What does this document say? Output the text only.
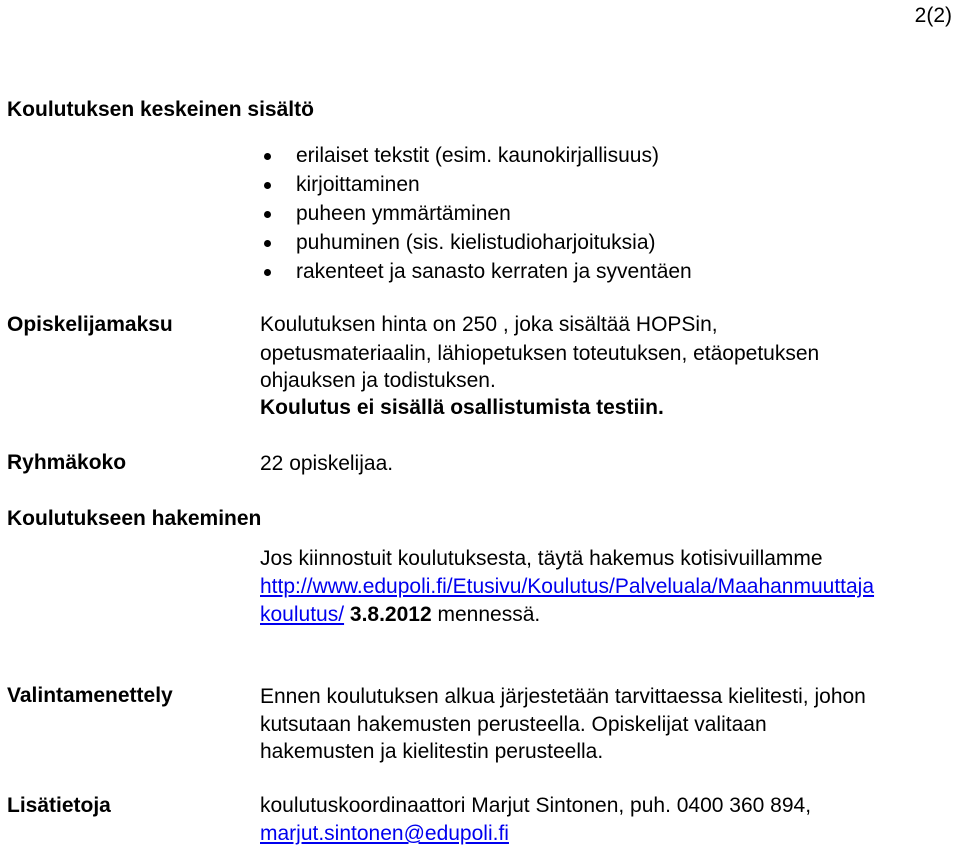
2(2)
Koulutuksen keskeinen sisältö
erilaiset tekstit (esim. kaunokirjallisuus)
kirjoittaminen
puheen ymmärtäminen
puhuminen (sis. kielistudioharjoituksia)
rakenteet ja sanasto kerraten ja syventäen
Opiskelijamaksu	Koulutuksen hinta on 250 , joka sisältää HOPSin,
opetusmateriaalin, lähiopetuksen toteutuksen, etäopetuksen
ohjauksen ja todistuksen.
Koulutus ei sisällä osallistumista testiin.
Ryhmäkoko	22 opiskelijaa.
Koulutukseen hakeminen
Jos kiinnostuit koulutuksesta, täytä hakemus kotisivuillamme
http://www.edupoli.fi/Etusivu/Koulutus/Palveluala/Maahanmuuttaja
koulutus/ 3.8.2012 mennessä.
Valintamenettely	Ennen koulutuksen alkua järjestetään tarvittaessa kielitesti, johon
kutsutaan hakemusten perusteella. Opiskelijat valitaan
hakemusten ja kielitestin perusteella.
Lisätietoja	koulutuskoordinaattori Marjut Sintonen, puh. 0400 360 894,
marjut.sintonen@edupoli.fi
